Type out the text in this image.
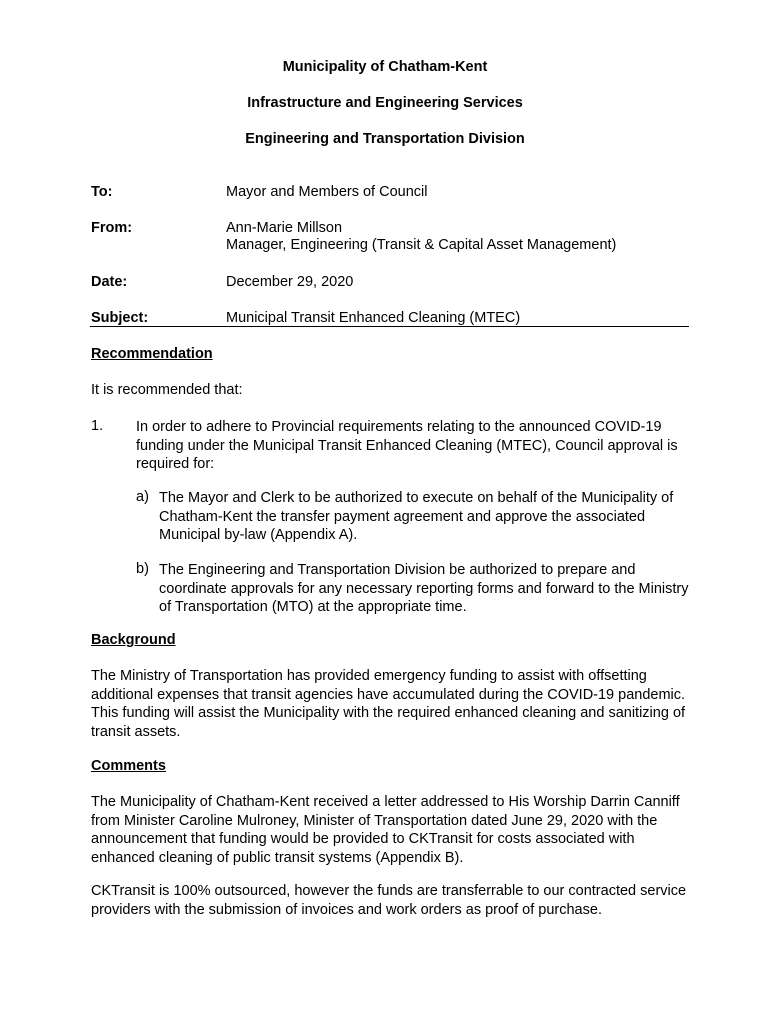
Municipality of Chatham-Kent
Infrastructure and Engineering Services
Engineering and Transportation Division
To:	Mayor and Members of Council
From:	Ann-Marie Millson
Manager, Engineering (Transit & Capital Asset Management)
Date:	December 29, 2020
Subject:	Municipal Transit Enhanced Cleaning (MTEC)
Recommendation
It is recommended that:
1. In order to adhere to Provincial requirements relating to the announced COVID-19 funding under the Municipal Transit Enhanced Cleaning (MTEC), Council approval is required for:
a) The Mayor and Clerk to be authorized to execute on behalf of the Municipality of Chatham-Kent the transfer payment agreement and approve the associated Municipal by-law (Appendix A).
b) The Engineering and Transportation Division be authorized to prepare and coordinate approvals for any necessary reporting forms and forward to the Ministry of Transportation (MTO) at the appropriate time.
Background
The Ministry of Transportation has provided emergency funding to assist with offsetting additional expenses that transit agencies have accumulated during the COVID-19 pandemic. This funding will assist the Municipality with the required enhanced cleaning and sanitizing of transit assets.
Comments
The Municipality of Chatham-Kent received a letter addressed to His Worship Darrin Canniff from Minister Caroline Mulroney, Minister of Transportation dated June 29, 2020 with the announcement that funding would be provided to CKTransit for costs associated with enhanced cleaning of public transit systems (Appendix B).
CKTransit is 100% outsourced, however the funds are transferrable to our contracted service providers with the submission of invoices and work orders as proof of purchase.
